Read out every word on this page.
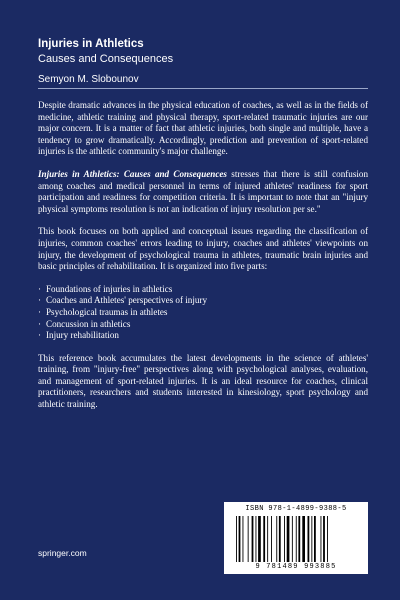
Injuries in Athletics

Causes and Consequences

Semyon M. Slobounov

Despite dramatic advances in the physical education of coaches, as well as in the fields of medicine, athletic training and physical therapy, sport-related traumatic injuries are our major concern. It is a matter of fact that athletic injuries, both single and multiple, have a tendency to grow dramatically. Accordingly, prediction and prevention of sport-related injuries is the athletic community's major challenge.

Injuries in Athletics: Causes and Consequences stresses that there is still confusion among coaches and medical personnel in terms of injured athletes' readiness for sport participation and readiness for competition criteria. It is important to note that an "injury physical symptoms resolution is not an indication of injury resolution per se."

This book focuses on both applied and conceptual issues regarding the classification of injuries, common coaches' errors leading to injury, coaches and athletes' viewpoints on injury, the development of psychological trauma in athletes, traumatic brain injuries and basic principles of rehabilitation. It is organized into five parts:

· Foundations of injuries in athletics
· Coaches and Athletes' perspectives of injury
· Psychological traumas in athletes
· Concussion in athletics
· Injury rehabilitation

This reference book accumulates the latest developments in the science of athletes' training, from "injury-free" perspectives along with psychological analyses, evaluation, and management of sport-related injuries. It is an ideal resource for coaches, clinical practitioners, researchers and students interested in kinesiology, sport psychology and athletic training.

springer.com
ISBN 978-1-4899-9388-5
9 781489 993885
